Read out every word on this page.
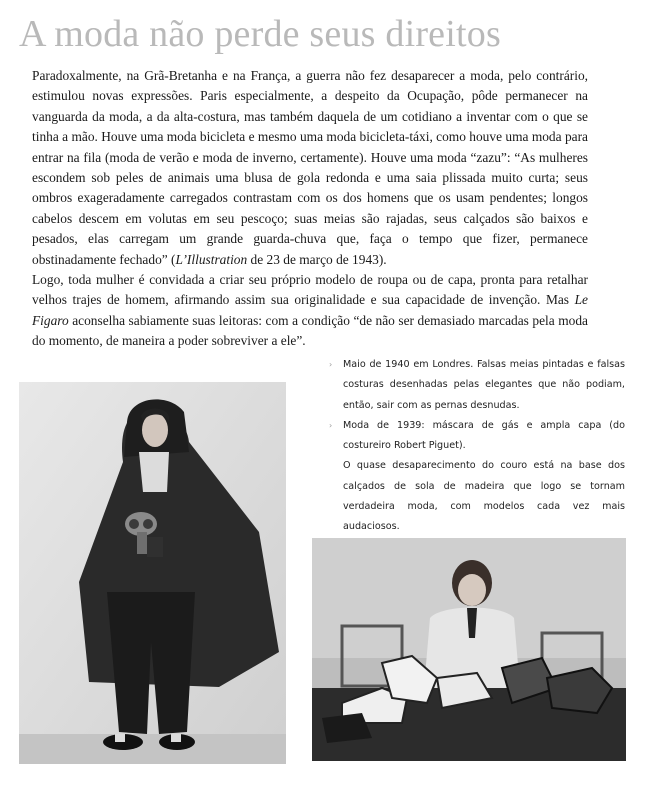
A moda não perde seus direitos

Paradoxalmente, na Grã-Bretanha e na França, a guerra não fez desaparecer a moda, pelo contrário, estimulou novas expressões. Paris especialmente, a despeito da Ocupação, pôde permanecer na vanguarda da moda, a da alta-costura, mas também daquela de um cotidiano a inventar com o que se tinha a mão. Houve uma moda bicicleta e mesmo uma moda bicicleta-táxi, como houve uma moda para entrar na fila (moda de verão e moda de inverno, certamente). Houve uma moda “zazu”: “As mulheres escondem sob peles de animais uma blusa de gola redonda e uma saia plissada muito curta; seus ombros exageradamente carregados contrastam com os dos homens que os usam pendentes; longos cabelos descem em volutas em seu pescoço; suas meias são rajadas, seus calçados são baixos e pesados, elas carregam um grande guarda-chuva que, faça o tempo que fizer, permanece obstinadamente fechado” (L’Illustration de 23 de março de 1943).

Logo, toda mulher é convidada a criar seu próprio modelo de roupa ou de capa, pronta para retalhar velhos trajes de homem, afirmando assim sua originalidade e sua capacidade de invenção. Mas Le Figaro aconselha sabiamente suas leitoras: com a condição “de não ser demasiado marcadas pela moda do momento, de maneira a poder sobreviver a ele”.

› Maio de 1940 em Londres. Falsas meias pintadas e falsas costuras desenhadas pelas elegantes que não podiam, então, sair com as pernas desnudas.

› Moda de 1939: máscara de gás e ampla capa (do costureiro Robert Piguet).

O quase desaparecimento do couro está na base dos calçados de sola de madeira que logo se tornam verdadeira moda, com modelos cada vez mais audaciosos.
